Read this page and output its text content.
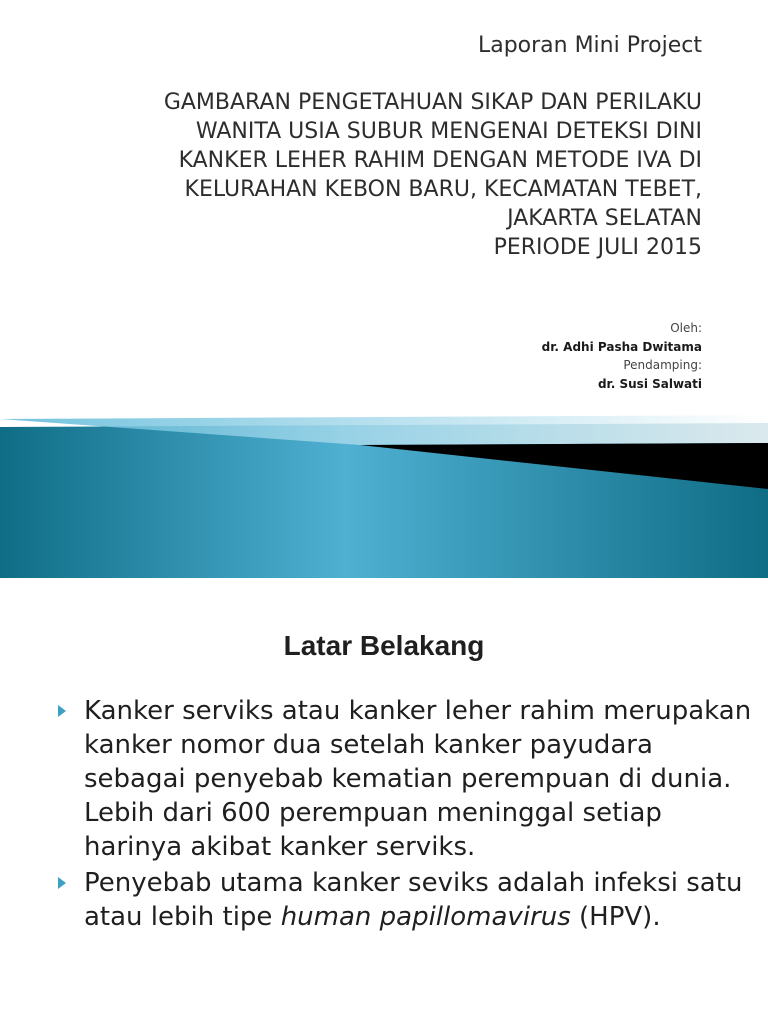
Laporan Mini Project
GAMBARAN PENGETAHUAN SIKAP DAN PERILAKU
WANITA USIA SUBUR MENGENAI DETEKSI DINI
KANKER LEHER RAHIM DENGAN METODE IVA DI
KELURAHAN KEBON BARU, KECAMATAN TEBET,
JAKARTA SELATAN
PERIODE JULI 2015
Oleh:
dr. Adhi Pasha Dwitama
Pendamping:
dr. Susi Salwati
Latar Belakang
Kanker serviks atau kanker leher rahim merupakan kanker nomor dua setelah kanker payudara sebagai penyebab kematian perempuan di dunia. Lebih dari 600 perempuan meninggal setiap harinya akibat kanker serviks.
Penyebab utama kanker seviks adalah infeksi satu atau lebih tipe human papillomavirus (HPV).
